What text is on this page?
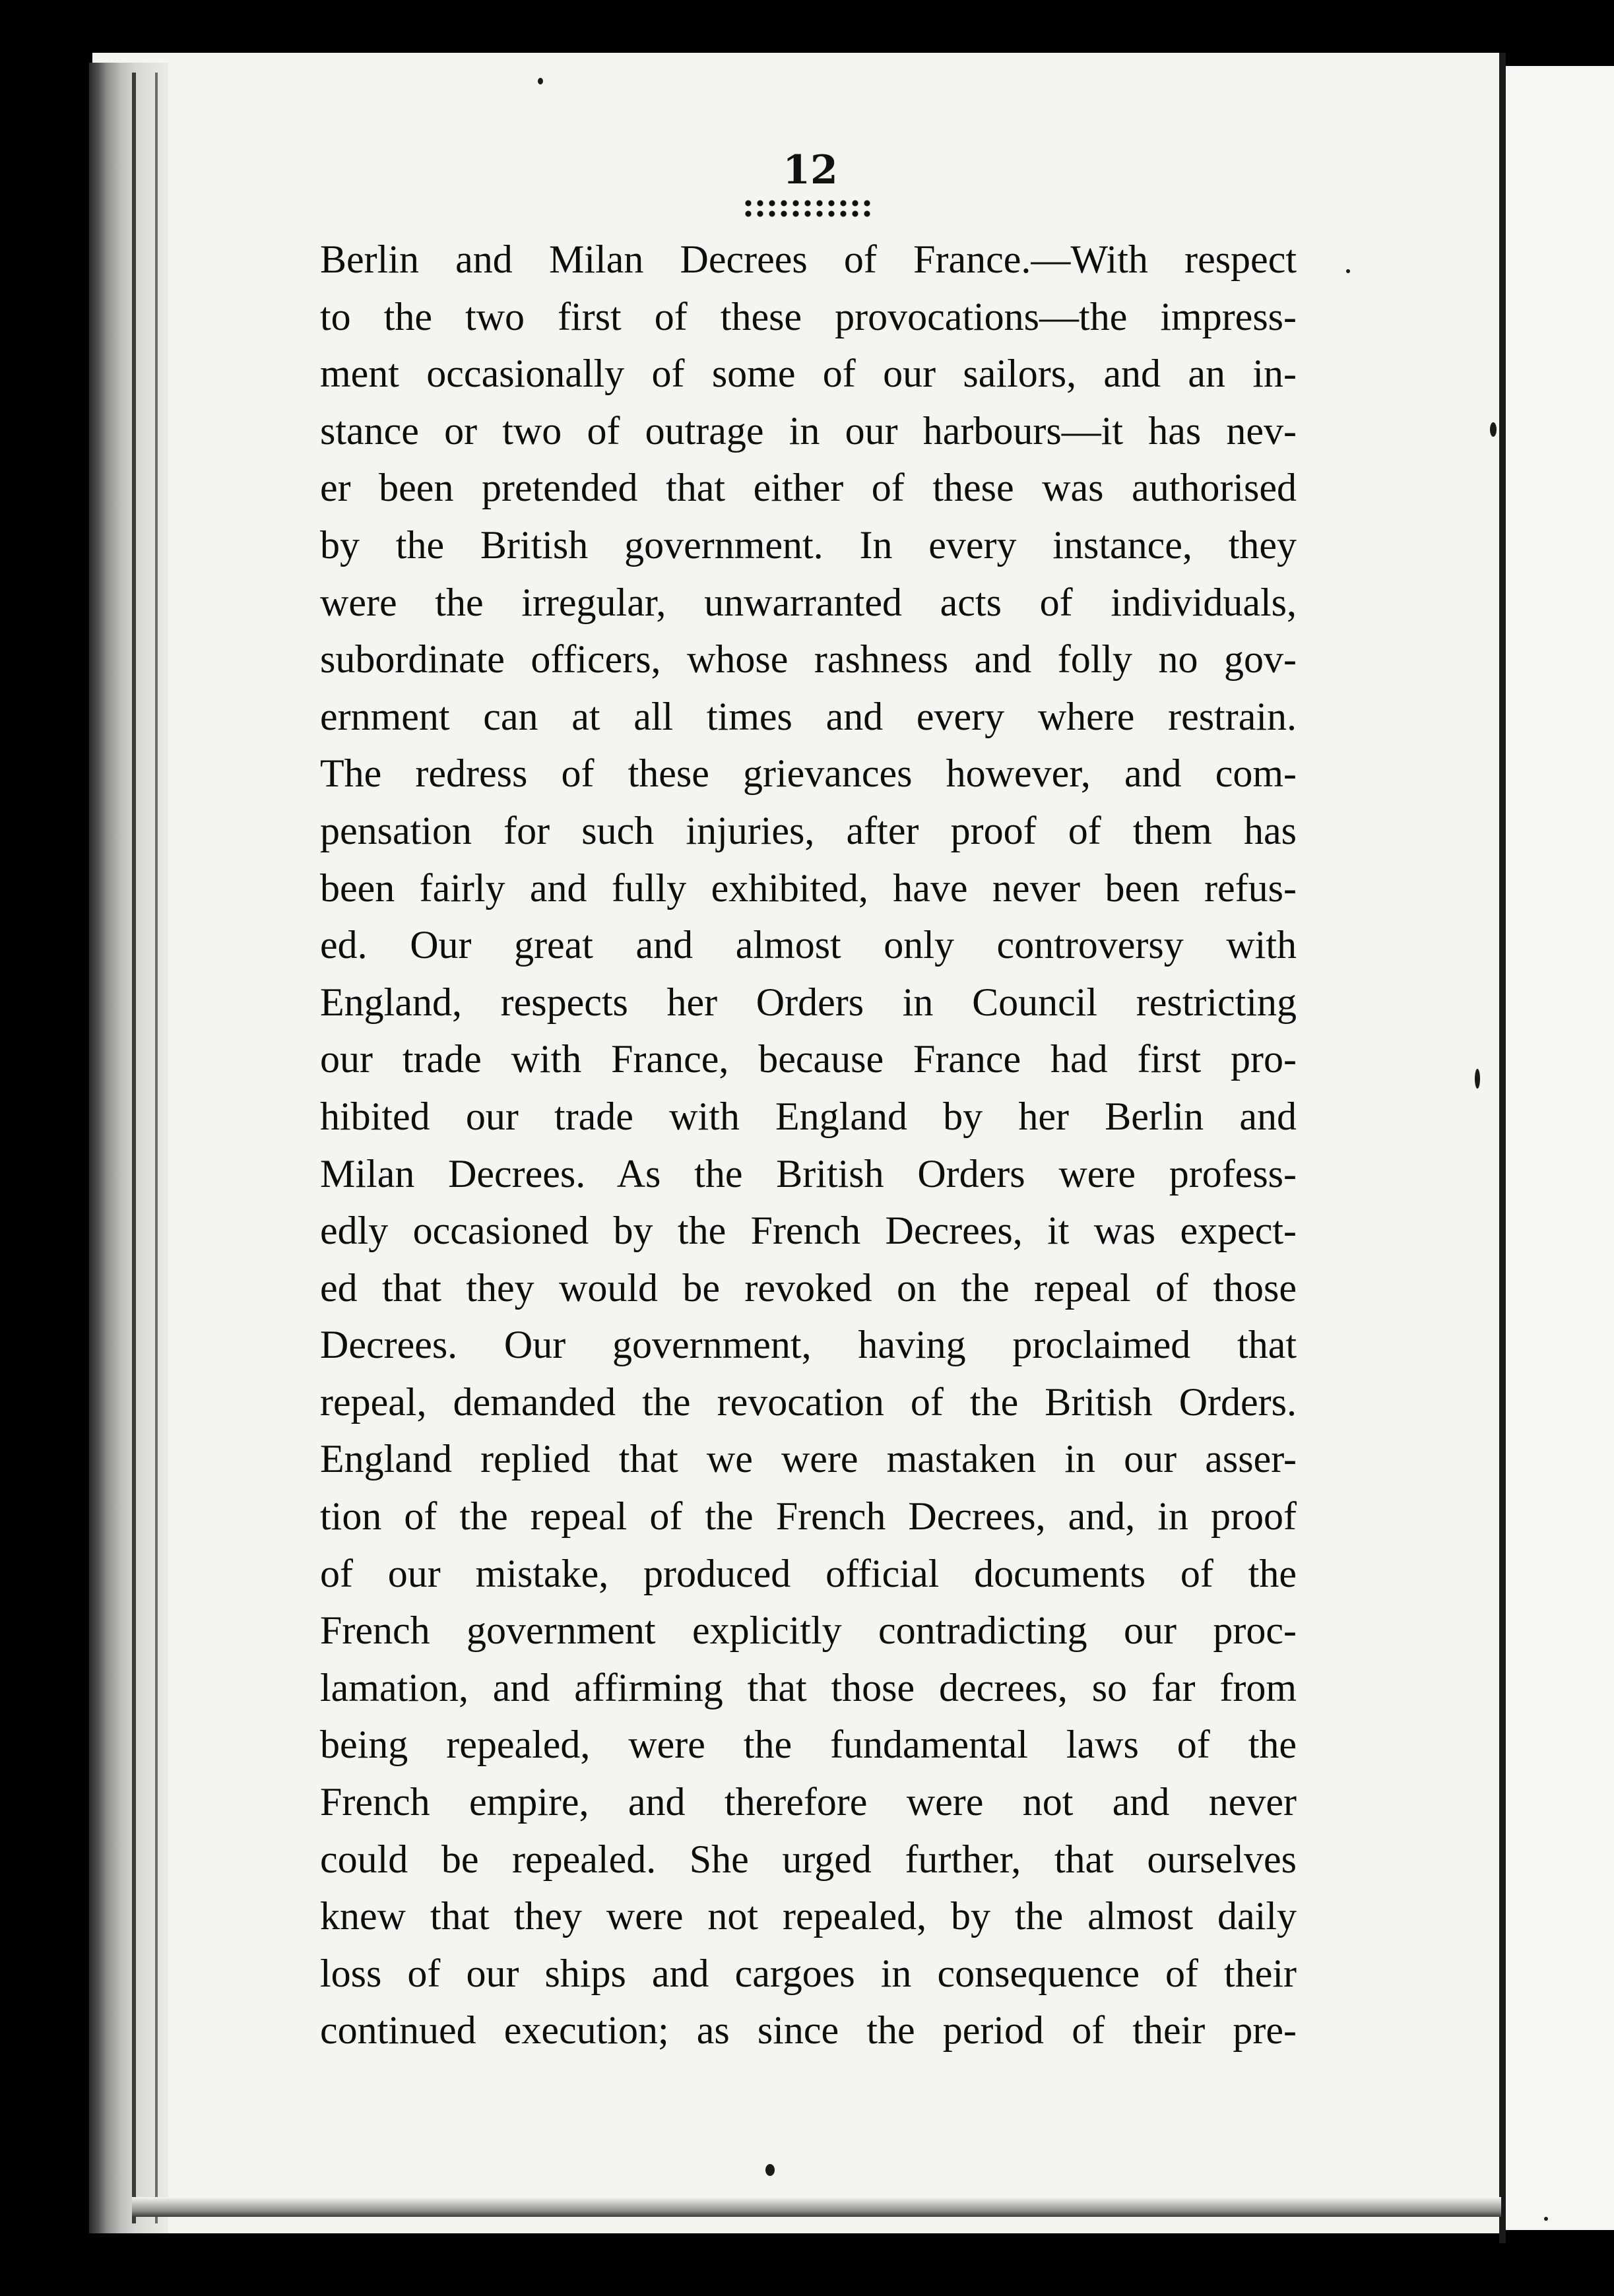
12
Berlin and Milan Decrees of France.—With respect
to the two first of these provocations—the impress-
ment occasionally of some of our sailors, and an in-
stance or two of outrage in our harbours—it has nev-
er been pretended that either of these was authorised
by the British government. In every instance, they
were the irregular, unwarranted acts of individuals,
subordinate officers, whose rashness and folly no gov-
ernment can at all times and every where restrain.
The redress of these grievances however, and com-
pensation for such injuries, after proof of them has
been fairly and fully exhibited, have never been refus-
ed. Our great and almost only controversy with
England, respects her Orders in Council restricting
our trade with France, because France had first pro-
hibited our trade with England by her Berlin and
Milan Decrees. As the British Orders were profess-
edly occasioned by the French Decrees, it was expect-
ed that they would be revoked on the repeal of those
Decrees. Our government, having proclaimed that
repeal, demanded the revocation of the British Orders.
England replied that we were mastaken in our asser-
tion of the repeal of the French Decrees, and, in proof
of our mistake, produced official documents of the
French government explicitly contradicting our proc-
lamation, and affirming that those decrees, so far from
being repealed, were the fundamental laws of the
French empire, and therefore were not and never
could be repealed. She urged further, that ourselves
knew that they were not repealed, by the almost daily
loss of our ships and cargoes in consequence of their
continued execution; as since the period of their pre-
